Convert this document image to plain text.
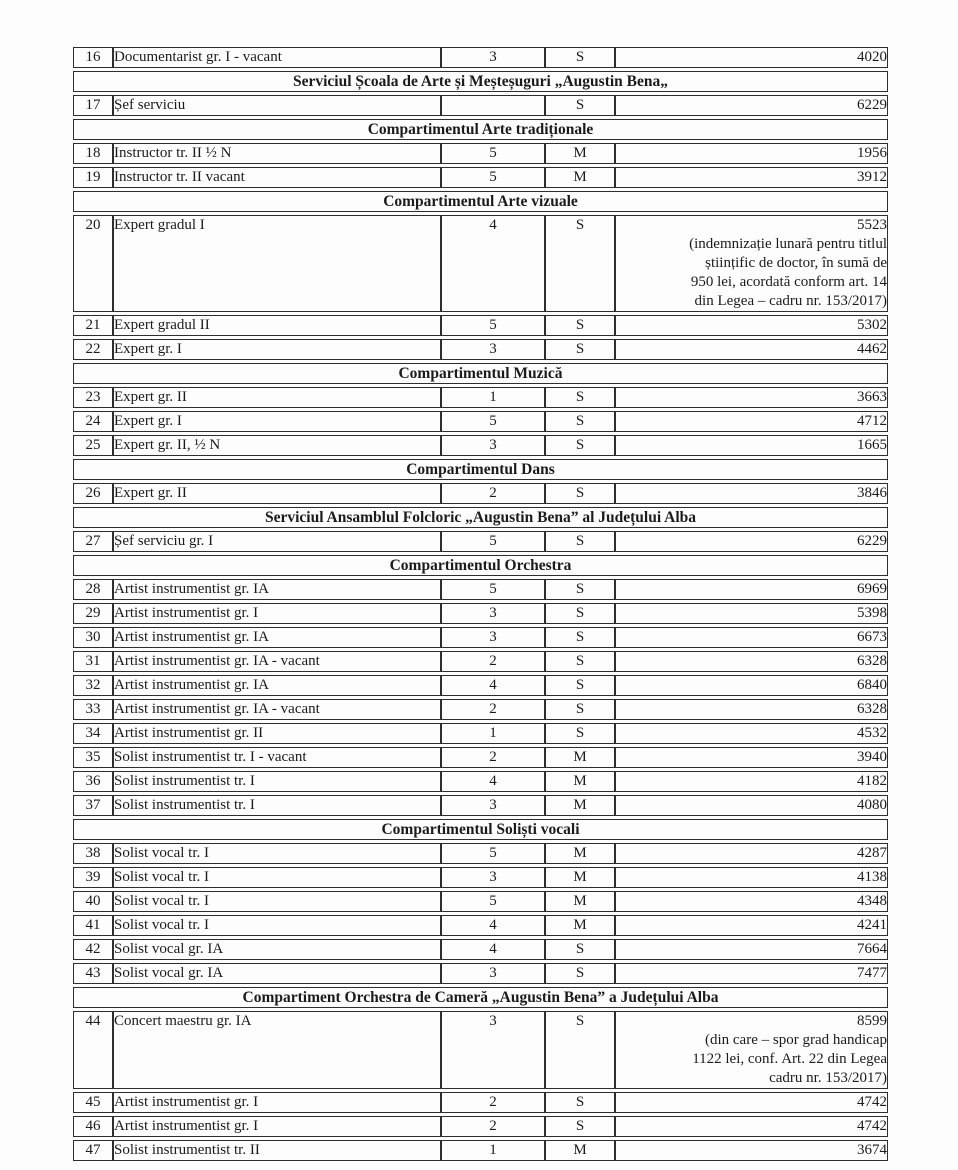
16	Documentarist gr. I - vacant	3	S	4020

Serviciul Școala de Arte și Meșteșuguri „Augustin Bena„				
17	Șef serviciu		S	6229

Compartimentul Arte tradiționale				
18	Instructor tr. II ½ N	5	M	1956

19	Instructor tr. II vacant	5	M	3912

Compartimentul Arte vizuale				
20	Expert gradul I	4	S	5523
(indemnizație lunară pentru titlul
științific de doctor, în sumă de
950 lei, acordată conform art. 14
din Legea – cadru nr. 153/2017)

21	Expert gradul II	5	S	5302

22	Expert gr. I	3	S	4462

Compartimentul Muzică				
23	Expert gr. II	1	S	3663

24	Expert gr. I	5	S	4712

25	Expert gr. II, ½ N	3	S	1665

Compartimentul Dans				
26	Expert gr. II	2	S	3846

Serviciul Ansamblul Folcloric „Augustin Bena” al Județului Alba				
27	Șef serviciu gr. I	5	S	6229

Compartimentul Orchestra				
28	Artist instrumentist gr. IA	5	S	6969

29	Artist instrumentist gr. I	3	S	5398

30	Artist instrumentist gr. IA	3	S	6673

31	Artist instrumentist gr. IA - vacant	2	S	6328

32	Artist instrumentist gr. IA	4	S	6840

33	Artist instrumentist gr. IA - vacant	2	S	6328

34	Artist instrumentist gr. II	1	S	4532

35	Solist instrumentist tr. I - vacant	2	M	3940

36	Solist instrumentist tr. I	4	M	4182

37	Solist instrumentist tr. I	3	M	4080

Compartimentul Soliști vocali				
38	Solist vocal tr. I	5	M	4287

39	Solist vocal tr. I	3	M	4138

40	Solist vocal tr. I	5	M	4348

41	Solist vocal tr. I	4	M	4241

42	Solist vocal gr. IA	4	S	7664

43	Solist vocal gr. IA	3	S	7477

Compartiment Orchestra de Cameră „Augustin Bena” a Județului Alba				
44	Concert maestru gr. IA	3	S	8599
(din care – spor grad handicap
1122 lei, conf. Art. 22 din Legea
cadru nr. 153/2017)

45	Artist instrumentist gr. I	2	S	4742

46	Artist instrumentist gr. I	2	S	4742

47	Solist instrumentist tr. II	1	M	3674
